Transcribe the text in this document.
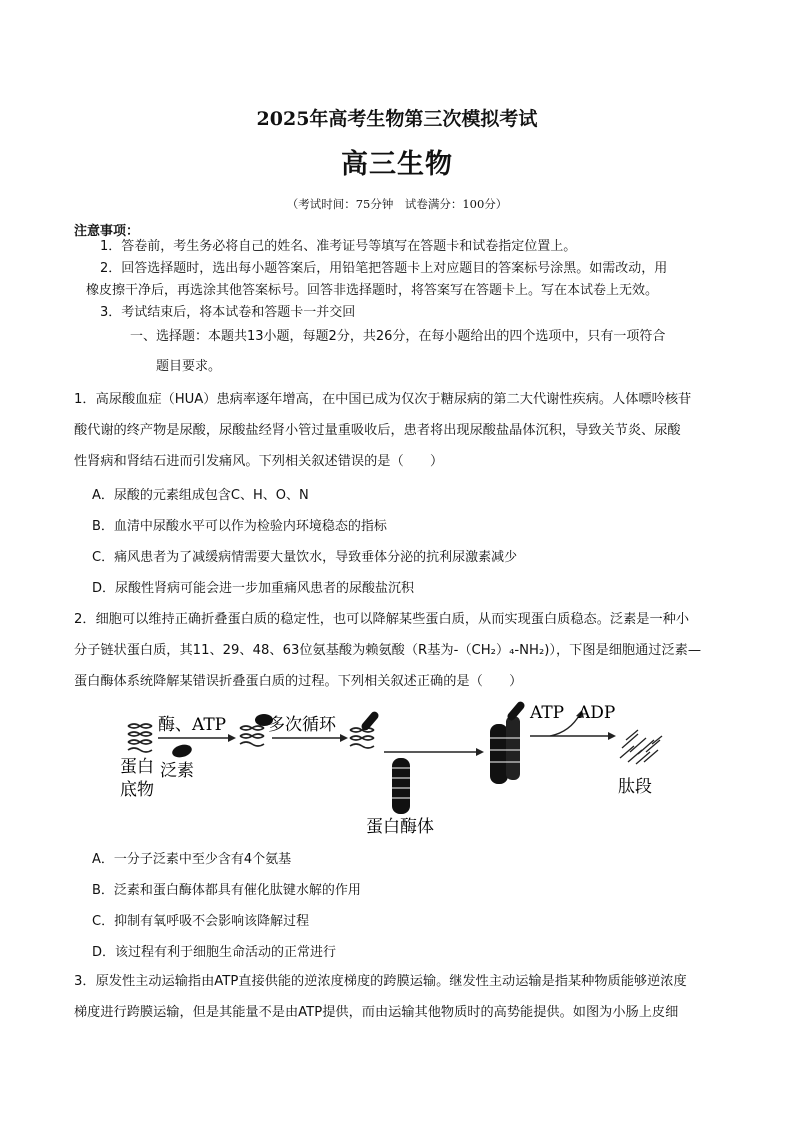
2025年高考生物第三次模拟考试
高三生物
（考试时间：75分钟　试卷满分：100分）
注意事项：
1．答卷前，考生务必将自己的姓名、准考证号等填写在答题卡和试卷指定位置上。
2．回答选择题时，选出每小题答案后，用铅笔把答题卡上对应题目的答案标号涂黑。如需改动，用
橡皮擦干净后，再选涂其他答案标号。回答非选择题时，将答案写在答题卡上。写在本试卷上无效。
3．考试结束后，将本试卷和答题卡一并交回
一、选择题：本题共13小题，每题2分，共26分，在每小题给出的四个选项中，只有一项符合
题目要求。
1．高尿酸血症（HUA）患病率逐年增高，在中国已成为仅次于糖尿病的第二大代谢性疾病。人体嘌呤核苷
酸代谢的终产物是尿酸，尿酸盐经肾小管过量重吸收后，患者将出现尿酸盐晶体沉积，导致关节炎、尿酸
性肾病和肾结石进而引发痛风。下列相关叙述错误的是（　　）
A．尿酸的元素组成包含C、H、O、N
B．血清中尿酸水平可以作为检验内环境稳态的指标
C．痛风患者为了减缓病情需要大量饮水，导致垂体分泌的抗利尿激素减少
D．尿酸性肾病可能会进一步加重痛风患者的尿酸盐沉积
2．细胞可以维持正确折叠蛋白质的稳定性，也可以降解某些蛋白质，从而实现蛋白质稳态。泛素是一种小
分子链状蛋白质，其11、29、48、63位氨基酸为赖氨酸（R基为-（CH₂）₄-NH₂)），下图是细胞通过泛素—
蛋白酶体系统降解某错误折叠蛋白质的过程。下列相关叙述正确的是（　　）
蛋白
底物
泛素
酶、ATP 多次循环
蛋白酶体
ATP ADP
肽段
A．一分子泛素中至少含有4个氨基
B．泛素和蛋白酶体都具有催化肽键水解的作用
C．抑制有氧呼吸不会影响该降解过程
D．该过程有利于细胞生命活动的正常进行
3．原发性主动运输指由ATP直接供能的逆浓度梯度的跨膜运输。继发性主动运输是指某种物质能够逆浓度
梯度进行跨膜运输，但是其能量不是由ATP提供，而由运输其他物质时的高势能提供。如图为小肠上皮细
